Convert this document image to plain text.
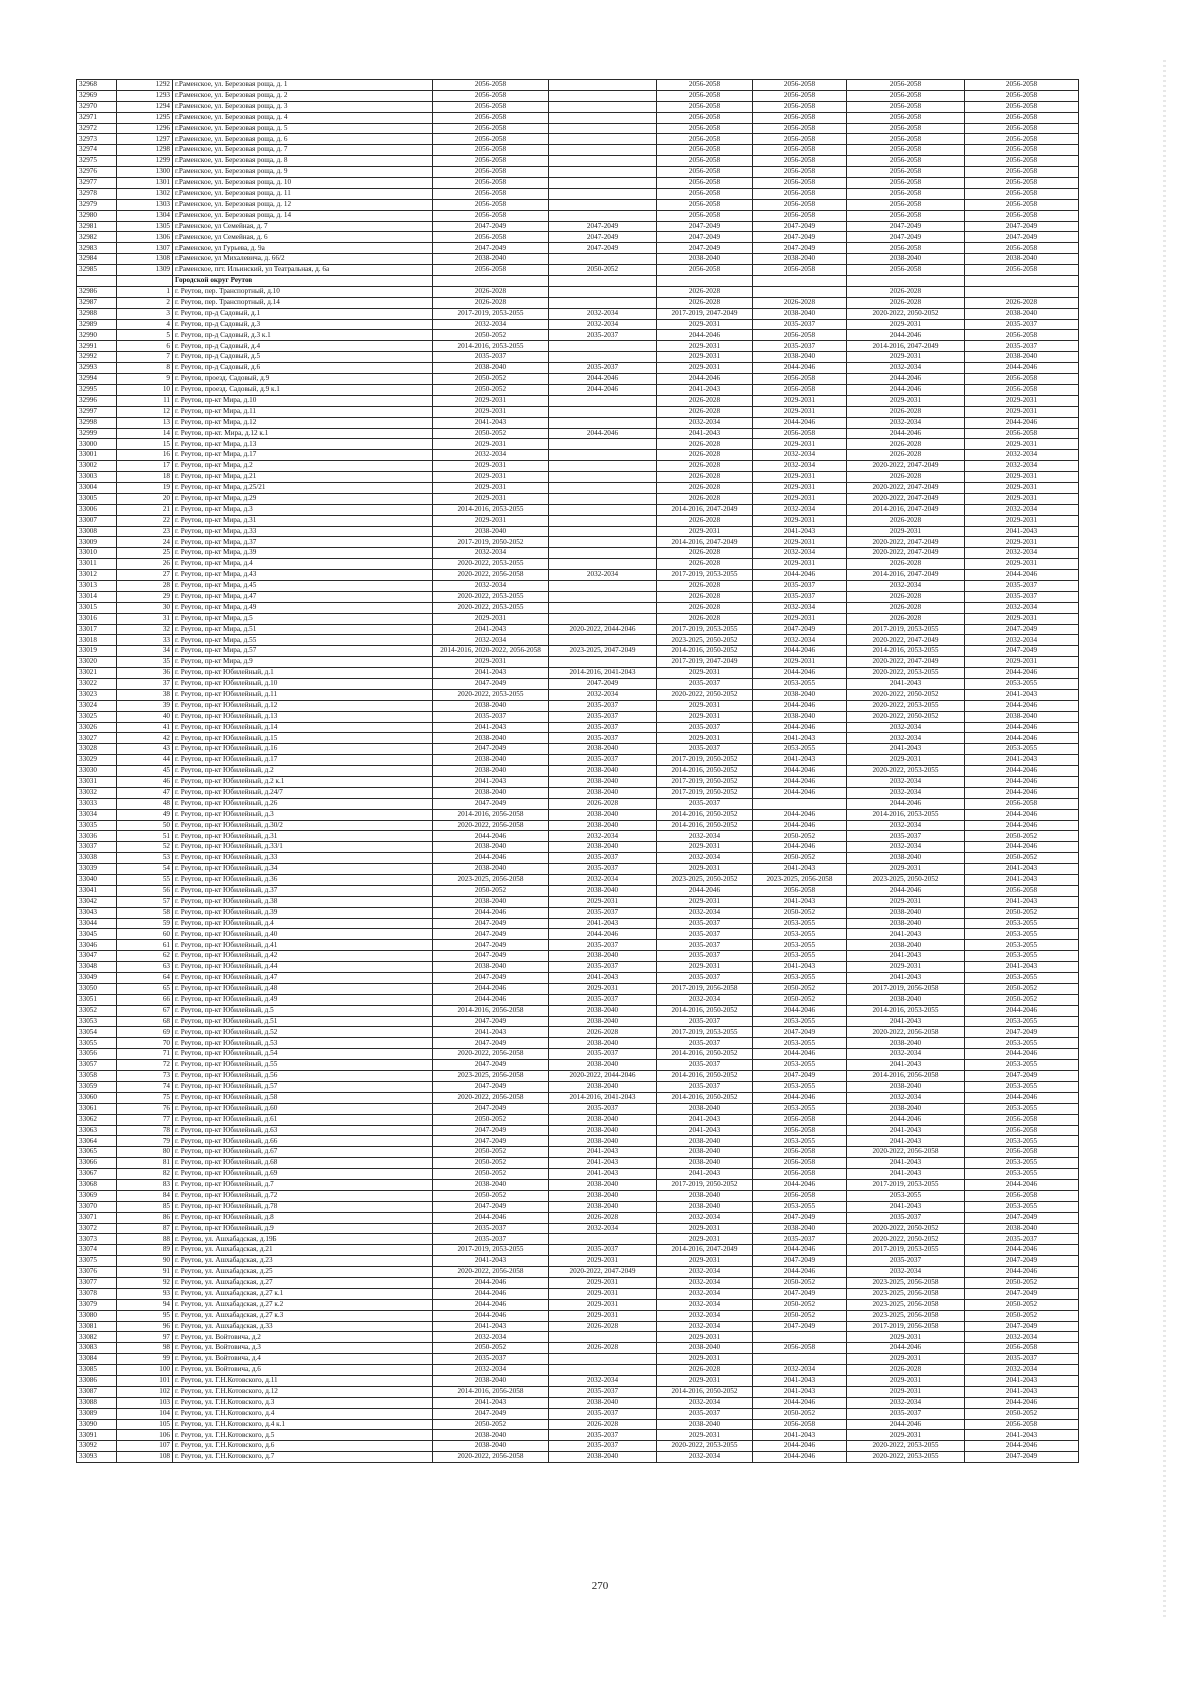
32968	1292	г.Раменское, ул. Березовая роща, д. 1	2056-2058		2056-2058	2056-2058	2056-2058	2056-2058
32969	1293	г.Раменское, ул. Березовая роща, д. 2	2056-2058		2056-2058	2056-2058	2056-2058	2056-2058
32970	1294	г.Раменское, ул. Березовая роща, д. 3	2056-2058		2056-2058	2056-2058	2056-2058	2056-2058
32971	1295	г.Раменское, ул. Березовая роща, д. 4	2056-2058		2056-2058	2056-2058	2056-2058	2056-2058
32972	1296	г.Раменское, ул. Березовая роща, д. 5	2056-2058		2056-2058	2056-2058	2056-2058	2056-2058
32973	1297	г.Раменское, ул. Березовая роща, д. 6	2056-2058		2056-2058	2056-2058	2056-2058	2056-2058
32974	1298	г.Раменское, ул. Березовая роща, д. 7	2056-2058		2056-2058	2056-2058	2056-2058	2056-2058
32975	1299	г.Раменское, ул. Березовая роща, д. 8	2056-2058		2056-2058	2056-2058	2056-2058	2056-2058
32976	1300	г.Раменское, ул. Березовая роща, д. 9	2056-2058		2056-2058	2056-2058	2056-2058	2056-2058
32977	1301	г.Раменское, ул. Березовая роща, д. 10	2056-2058		2056-2058	2056-2058	2056-2058	2056-2058
32978	1302	г.Раменское, ул. Березовая роща, д. 11	2056-2058		2056-2058	2056-2058	2056-2058	2056-2058
32979	1303	г.Раменское, ул. Березовая роща, д. 12	2056-2058		2056-2058	2056-2058	2056-2058	2056-2058
32980	1304	г.Раменское, ул. Березовая роща, д. 14	2056-2058		2056-2058	2056-2058	2056-2058	2056-2058
32981	1305	г.Раменское, ул Семейная, д. 7	2047-2049	2047-2049	2047-2049	2047-2049	2047-2049	2047-2049
32982	1306	г.Раменское, ул Семейная, д. 6	2056-2058	2047-2049	2047-2049	2047-2049	2047-2049	2047-2049
32983	1307	г.Раменское, ул Гурьева, д. 9а	2047-2049	2047-2049	2047-2049	2047-2049	2056-2058	2056-2058
32984	1308	г.Раменское, ул Михалевича, д. 66/2	2038-2040		2038-2040	2038-2040	2038-2040	2038-2040
32985	1309	г.Раменское, пгт. Ильинский, ул Театральная, д. 6а	2056-2058	2050-2052	2056-2058	2056-2058	2056-2058	2056-2058
		Городской округ Реутов						
32986	1	г. Реутов, пер. Транспортный, д.10	2026-2028		2026-2028		2026-2028	
32987	2	г. Реутов, пер. Транспортный, д.14	2026-2028		2026-2028	2026-2028	2026-2028	2026-2028
32988	3	г. Реутов, пр-д Садовый, д.1	2017-2019, 2053-2055	2032-2034	2017-2019, 2047-2049	2038-2040	2020-2022, 2050-2052	2038-2040
32989	4	г. Реутов, пр-д Садовый, д.3	2032-2034	2032-2034	2029-2031	2035-2037	2029-2031	2035-2037
32990	5	г. Реутов, пр-д Садовый, д.3 к.1	2050-2052	2035-2037	2044-2046	2056-2058	2044-2046	2056-2058
32991	6	г. Реутов, пр-д Садовый, д.4	2014-2016, 2053-2055		2029-2031	2035-2037	2014-2016, 2047-2049	2035-2037
32992	7	г. Реутов, пр-д Садовый, д.5	2035-2037		2029-2031	2038-2040	2029-2031	2038-2040
32993	8	г. Реутов, пр-д Садовый, д.6	2038-2040	2035-2037	2029-2031	2044-2046	2032-2034	2044-2046
32994	9	г. Реутов, проезд. Садовый, д.9	2050-2052	2044-2046	2044-2046	2056-2058	2044-2046	2056-2058
32995	10	г. Реутов, проезд. Садовый, д.9 к.1	2050-2052	2044-2046	2041-2043	2056-2058	2044-2046	2056-2058
32996	11	г. Реутов, пр-кт Мира, д.10	2029-2031		2026-2028	2029-2031	2029-2031	2029-2031
32997	12	г. Реутов, пр-кт Мира, д.11	2029-2031		2026-2028	2029-2031	2026-2028	2029-2031
32998	13	г. Реутов, пр-кт Мира, д.12	2041-2043		2032-2034	2044-2046	2032-2034	2044-2046
32999	14	г. Реутов, пр-кт. Мира, д.12 к.1	2050-2052	2044-2046	2041-2043	2056-2058	2044-2046	2056-2058
33000	15	г. Реутов, пр-кт Мира, д.13	2029-2031		2026-2028	2029-2031	2026-2028	2029-2031
33001	16	г. Реутов, пр-кт Мира, д.17	2032-2034		2026-2028	2032-2034	2026-2028	2032-2034
33002	17	г. Реутов, пр-кт Мира, д.2	2029-2031		2026-2028	2032-2034	2020-2022, 2047-2049	2032-2034
33003	18	г. Реутов, пр-кт Мира, д.21	2029-2031		2026-2028	2029-2031	2026-2028	2029-2031
33004	19	г. Реутов, пр-кт Мира, д.25/21	2029-2031		2026-2028	2029-2031	2020-2022, 2047-2049	2029-2031
33005	20	г. Реутов, пр-кт Мира, д.29	2029-2031		2026-2028	2029-2031	2020-2022, 2047-2049	2029-2031
33006	21	г. Реутов, пр-кт Мира, д.3	2014-2016, 2053-2055		2014-2016, 2047-2049	2032-2034	2014-2016, 2047-2049	2032-2034
33007	22	г. Реутов, пр-кт Мира, д.31	2029-2031		2026-2028	2029-2031	2026-2028	2029-2031
33008	23	г. Реутов, пр-кт Мира, д.33	2038-2040		2029-2031	2041-2043	2029-2031	2041-2043
33009	24	г. Реутов, пр-кт Мира, д.37	2017-2019, 2050-2052		2014-2016, 2047-2049	2029-2031	2020-2022, 2047-2049	2029-2031
33010	25	г. Реутов, пр-кт Мира, д.39	2032-2034		2026-2028	2032-2034	2020-2022, 2047-2049	2032-2034
33011	26	г. Реутов, пр-кт Мира, д.4	2020-2022, 2053-2055		2026-2028	2029-2031	2026-2028	2029-2031
33012	27	г. Реутов, пр-кт Мира, д.43	2020-2022, 2056-2058	2032-2034	2017-2019, 2053-2055	2044-2046	2014-2016, 2047-2049	2044-2046
33013	28	г. Реутов, пр-кт Мира, д.45	2032-2034		2026-2028	2035-2037	2032-2034	2035-2037
33014	29	г. Реутов, пр-кт Мира, д.47	2020-2022, 2053-2055		2026-2028	2035-2037	2026-2028	2035-2037
33015	30	г. Реутов, пр-кт Мира, д.49	2020-2022, 2053-2055		2026-2028	2032-2034	2026-2028	2032-2034
33016	31	г. Реутов, пр-кт Мира, д.5	2029-2031		2026-2028	2029-2031	2026-2028	2029-2031
33017	32	г. Реутов, пр-кт Мира, д.51	2041-2043	2020-2022, 2044-2046	2017-2019, 2053-2055	2047-2049	2017-2019, 2053-2055	2047-2049
33018	33	г. Реутов, пр-кт Мира, д.55	2032-2034		2023-2025, 2050-2052	2032-2034	2020-2022, 2047-2049	2032-2034
33019	34	г. Реутов, пр-кт Мира, д.57	2014-2016, 2020-2022, 2056-2058	2023-2025, 2047-2049	2014-2016, 2050-2052	2044-2046	2014-2016, 2053-2055	2047-2049
33020	35	г. Реутов, пр-кт Мира, д.9	2029-2031		2017-2019, 2047-2049	2029-2031	2020-2022, 2047-2049	2029-2031
33021	36	г. Реутов, пр-кт Юбилейный, д.1	2041-2043	2014-2016, 2041-2043	2029-2031	2044-2046	2020-2022, 2053-2055	2044-2046
33022	37	г. Реутов, пр-кт Юбилейный, д.10	2047-2049	2047-2049	2035-2037	2053-2055	2041-2043	2053-2055
33023	38	г. Реутов, пр-кт Юбилейный, д.11	2020-2022, 2053-2055	2032-2034	2020-2022, 2050-2052	2038-2040	2020-2022, 2050-2052	2041-2043
33024	39	г. Реутов, пр-кт Юбилейный, д.12	2038-2040	2035-2037	2029-2031	2044-2046	2020-2022, 2053-2055	2044-2046
33025	40	г. Реутов, пр-кт Юбилейный, д.13	2035-2037	2035-2037	2029-2031	2038-2040	2020-2022, 2050-2052	2038-2040
33026	41	г. Реутов, пр-кт Юбилейный, д.14	2041-2043	2035-2037	2035-2037	2044-2046	2032-2034	2044-2046
33027	42	г. Реутов, пр-кт Юбилейный, д.15	2038-2040	2035-2037	2029-2031	2041-2043	2032-2034	2044-2046
33028	43	г. Реутов, пр-кт Юбилейный, д.16	2047-2049	2038-2040	2035-2037	2053-2055	2041-2043	2053-2055
33029	44	г. Реутов, пр-кт Юбилейный, д.17	2038-2040	2035-2037	2017-2019, 2050-2052	2041-2043	2029-2031	2041-2043
33030	45	г. Реутов, пр-кт Юбилейный, д.2	2038-2040	2038-2040	2014-2016, 2050-2052	2044-2046	2020-2022, 2053-2055	2044-2046
33031	46	г. Реутов, пр-кт Юбилейный, д.2 к.1	2041-2043	2038-2040	2017-2019, 2050-2052	2044-2046	2032-2034	2044-2046
33032	47	г. Реутов, пр-кт Юбилейный, д.24/7	2038-2040	2038-2040	2017-2019, 2050-2052	2044-2046	2032-2034	2044-2046
33033	48	г. Реутов, пр-кт Юбилейный, д.26	2047-2049	2026-2028	2035-2037		2044-2046	2056-2058
33034	49	г. Реутов, пр-кт Юбилейный, д.3	2014-2016, 2056-2058	2038-2040	2014-2016, 2050-2052	2044-2046	2014-2016, 2053-2055	2044-2046
33035	50	г. Реутов, пр-кт Юбилейный, д.30/2	2020-2022, 2056-2058	2038-2040	2014-2016, 2050-2052	2044-2046	2032-2034	2044-2046
33036	51	г. Реутов, пр-кт Юбилейный, д.31	2044-2046	2032-2034	2032-2034	2050-2052	2035-2037	2050-2052
33037	52	г. Реутов, пр-кт Юбилейный, д.33/1	2038-2040	2038-2040	2029-2031	2044-2046	2032-2034	2044-2046
33038	53	г. Реутов, пр-кт Юбилейный, д.33	2044-2046	2035-2037	2032-2034	2050-2052	2038-2040	2050-2052
33039	54	г. Реутов, пр-кт Юбилейный, д.34	2038-2040	2035-2037	2029-2031	2041-2043	2029-2031	2041-2043
33040	55	г. Реутов, пр-кт Юбилейный, д.36	2023-2025, 2056-2058	2032-2034	2023-2025, 2050-2052	2023-2025, 2056-2058	2023-2025, 2050-2052	2041-2043
33041	56	г. Реутов, пр-кт Юбилейный, д.37	2050-2052	2038-2040	2044-2046	2056-2058	2044-2046	2056-2058
33042	57	г. Реутов, пр-кт Юбилейный, д.38	2038-2040	2029-2031	2029-2031	2041-2043	2029-2031	2041-2043
33043	58	г. Реутов, пр-кт Юбилейный, д.39	2044-2046	2035-2037	2032-2034	2050-2052	2038-2040	2050-2052
33044	59	г. Реутов, пр-кт Юбилейный, д.4	2047-2049	2041-2043	2035-2037	2053-2055	2038-2040	2053-2055
33045	60	г. Реутов, пр-кт Юбилейный, д.40	2047-2049	2044-2046	2035-2037	2053-2055	2041-2043	2053-2055
33046	61	г. Реутов, пр-кт Юбилейный, д.41	2047-2049	2035-2037	2035-2037	2053-2055	2038-2040	2053-2055
33047	62	г. Реутов, пр-кт Юбилейный, д.42	2047-2049	2038-2040	2035-2037	2053-2055	2041-2043	2053-2055
33048	63	г. Реутов, пр-кт Юбилейный, д.44	2038-2040	2035-2037	2029-2031	2041-2043	2029-2031	2041-2043
33049	64	г. Реутов, пр-кт Юбилейный, д.47	2047-2049	2041-2043	2035-2037	2053-2055	2041-2043	2053-2055
33050	65	г. Реутов, пр-кт Юбилейный, д.48	2044-2046	2029-2031	2017-2019, 2056-2058	2050-2052	2017-2019, 2056-2058	2050-2052
33051	66	г. Реутов, пр-кт Юбилейный, д.49	2044-2046	2035-2037	2032-2034	2050-2052	2038-2040	2050-2052
33052	67	г. Реутов, пр-кт Юбилейный, д.5	2014-2016, 2056-2058	2038-2040	2014-2016, 2050-2052	2044-2046	2014-2016, 2053-2055	2044-2046
33053	68	г. Реутов, пр-кт Юбилейный, д.51	2047-2049	2038-2040	2035-2037	2053-2055	2041-2043	2053-2055
33054	69	г. Реутов, пр-кт Юбилейный, д.52	2041-2043	2026-2028	2017-2019, 2053-2055	2047-2049	2020-2022, 2056-2058	2047-2049
33055	70	г. Реутов, пр-кт Юбилейный, д.53	2047-2049	2038-2040	2035-2037	2053-2055	2038-2040	2053-2055
33056	71	г. Реутов, пр-кт Юбилейный, д.54	2020-2022, 2056-2058	2035-2037	2014-2016, 2050-2052	2044-2046	2032-2034	2044-2046
33057	72	г. Реутов, пр-кт Юбилейный, д.55	2047-2049	2038-2040	2035-2037	2053-2055	2041-2043	2053-2055
33058	73	г. Реутов, пр-кт Юбилейный, д.56	2023-2025, 2056-2058	2020-2022, 2044-2046	2014-2016, 2050-2052	2047-2049	2014-2016, 2056-2058	2047-2049
33059	74	г. Реутов, пр-кт Юбилейный, д.57	2047-2049	2038-2040	2035-2037	2053-2055	2038-2040	2053-2055
33060	75	г. Реутов, пр-кт Юбилейный, д.58	2020-2022, 2056-2058	2014-2016, 2041-2043	2014-2016, 2050-2052	2044-2046	2032-2034	2044-2046
33061	76	г. Реутов, пр-кт Юбилейный, д.60	2047-2049	2035-2037	2038-2040	2053-2055	2038-2040	2053-2055
33062	77	г. Реутов, пр-кт Юбилейный, д.61	2050-2052	2038-2040	2041-2043	2056-2058	2044-2046	2056-2058
33063	78	г. Реутов, пр-кт Юбилейный, д.63	2047-2049	2038-2040	2041-2043	2056-2058	2041-2043	2056-2058
33064	79	г. Реутов, пр-кт Юбилейный, д.66	2047-2049	2038-2040	2038-2040	2053-2055	2041-2043	2053-2055
33065	80	г. Реутов, пр-кт Юбилейный, д.67	2050-2052	2041-2043	2038-2040	2056-2058	2020-2022, 2056-2058	2056-2058
33066	81	г. Реутов, пр-кт Юбилейный, д.68	2050-2052	2041-2043	2038-2040	2056-2058	2041-2043	2053-2055
33067	82	г. Реутов, пр-кт Юбилейный, д.69	2050-2052	2041-2043	2041-2043	2056-2058	2041-2043	2053-2055
33068	83	г. Реутов, пр-кт Юбилейный, д.7	2038-2040	2038-2040	2017-2019, 2050-2052	2044-2046	2017-2019, 2053-2055	2044-2046
33069	84	г. Реутов, пр-кт Юбилейный, д.72	2050-2052	2038-2040	2038-2040	2056-2058	2053-2055	2056-2058
33070	85	г. Реутов, пр-кт Юбилейный, д.78	2047-2049	2038-2040	2038-2040	2053-2055	2041-2043	2053-2055
33071	86	г. Реутов, пр-кт Юбилейный, д.8	2044-2046	2026-2028	2032-2034	2047-2049	2035-2037	2047-2049
33072	87	г. Реутов, пр-кт Юбилейный, д.9	2035-2037	2032-2034	2029-2031	2038-2040	2020-2022, 2050-2052	2038-2040
33073	88	г. Реутов, ул. Ашхабадская, д.19Б	2035-2037		2029-2031	2035-2037	2020-2022, 2050-2052	2035-2037
33074	89	г. Реутов, ул. Ашхабадская, д.21	2017-2019, 2053-2055	2035-2037	2014-2016, 2047-2049	2044-2046	2017-2019, 2053-2055	2044-2046
33075	90	г. Реутов, ул. Ашхабадская, д.23	2041-2043	2029-2031	2029-2031	2047-2049	2035-2037	2047-2049
33076	91	г. Реутов, ул. Ашхабадская, д.25	2020-2022, 2056-2058	2020-2022, 2047-2049	2032-2034	2044-2046	2032-2034	2044-2046
33077	92	г. Реутов, ул. Ашхабадская, д.27	2044-2046	2029-2031	2032-2034	2050-2052	2023-2025, 2056-2058	2050-2052
33078	93	г. Реутов, ул. Ашхабадская, д.27 к.1	2044-2046	2029-2031	2032-2034	2047-2049	2023-2025, 2056-2058	2047-2049
33079	94	г. Реутов, ул. Ашхабадская, д.27 к.2	2044-2046	2029-2031	2032-2034	2050-2052	2023-2025, 2056-2058	2050-2052
33080	95	г. Реутов, ул. Ашхабадская, д.27 к.3	2044-2046	2029-2031	2032-2034	2050-2052	2023-2025, 2056-2058	2050-2052
33081	96	г. Реутов, ул. Ашхабадская, д.33	2041-2043	2026-2028	2032-2034	2047-2049	2017-2019, 2056-2058	2047-2049
33082	97	г. Реутов, ул. Войтовича, д.2	2032-2034		2029-2031		2029-2031	2032-2034
33083	98	г. Реутов, ул. Войтовича, д.3	2050-2052	2026-2028	2038-2040	2056-2058	2044-2046	2056-2058
33084	99	г. Реутов, ул. Войтовича, д.4	2035-2037		2029-2031		2029-2031	2035-2037
33085	100	г. Реутов, ул. Войтовича, д.6	2032-2034		2026-2028	2032-2034	2026-2028	2032-2034
33086	101	г. Реутов, ул. Г.Н.Котовского, д.11	2038-2040	2032-2034	2029-2031	2041-2043	2029-2031	2041-2043
33087	102	г. Реутов, ул. Г.Н.Котовского, д.12	2014-2016, 2056-2058	2035-2037	2014-2016, 2050-2052	2041-2043	2029-2031	2041-2043
33088	103	г. Реутов, ул. Г.Н.Котовского, д.3	2041-2043	2038-2040	2032-2034	2044-2046	2032-2034	2044-2046
33089	104	г. Реутов, ул. Г.Н.Котовского, д.4	2047-2049	2035-2037	2035-2037	2050-2052	2035-2037	2050-2052
33090	105	г. Реутов, ул. Г.Н.Котовского, д.4 к.1	2050-2052	2026-2028	2038-2040	2056-2058	2044-2046	2056-2058
33091	106	г. Реутов, ул. Г.Н.Котовского, д.5	2038-2040	2035-2037	2029-2031	2041-2043	2029-2031	2041-2043
33092	107	г. Реутов, ул. Г.Н.Котовского, д.6	2038-2040	2035-2037	2020-2022, 2053-2055	2044-2046	2020-2022, 2053-2055	2044-2046
33093	108	г. Реутов, ул. Г.Н.Котовского, д.7	2020-2022, 2056-2058	2038-2040	2032-2034	2044-2046	2020-2022, 2053-2055	2047-2049
270
